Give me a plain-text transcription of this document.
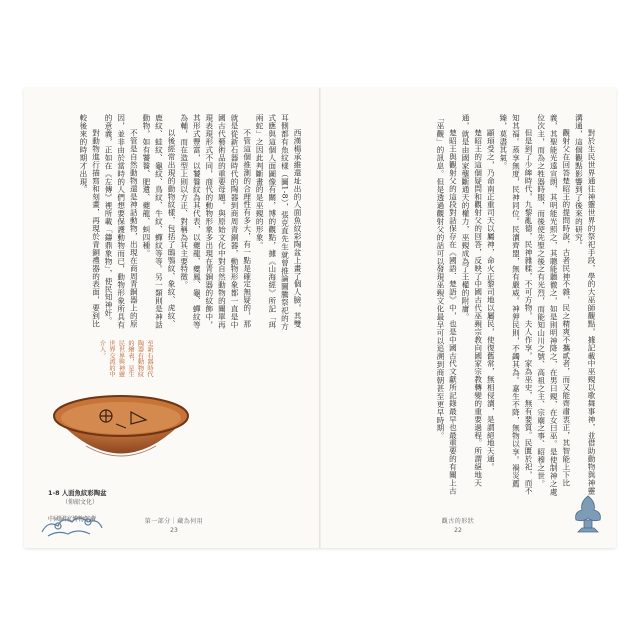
西漢楊承維還址出的人面魚紋彩陶盆上畫了個人臉，其雙耳側都有魚紋樣（圖1-8），張克直先生就曾推論圖騰祭祀的方式應與這個人面圖像有關，博的觀點，據《山海經》所記「珥兩蛇」之因此判斷畫的是巫覡的形象。

不管這個推測的合理性有多大，有一點是確定無疑的，那就是從新石器時代的陶器到商周青銅器，動物形象都一直是中國古代藝術品的重要母題。與原始文化中對自然動物的關單再現表現形式不同，商代的動物形象多出現在青銅器的紋飾中，其形式豐富，以饕餮紋為其代表，以夔龍、夔鳳、龜、蟬紋等為輔，而在造型上則以方正、對稱為其主要特徵。

以後經常出現的動物紋樣，包括了鴟鴞紋、象紋、虎紋、鹿紋、蛙紋、龜紋、鳥紋、牛紋、蟬紋等等。另一類則是神話動物，如有饕餮、肥遺、夔龍、虯四種。

不管是自然動物還是神話動物，出現在商周青銅器上的原因，並非由於當時的人們想要保護動物而已，動物形象所具有的意義，正如在《左傳》裡所載「鑄鼎象物」，使民知神奸。

對動物進行描寫和刻畫，再現於青銅禮器的表面，要到比較後來的時期才出現。

至新石器時代陶器有動物紋的繪表，是生民世界與神靈世界交流的中介人。
1-8 人面魚紋彩陶盆
（仰韶文化）
中國國家博物館藏	第一部分｜藏為何用
23

對於生民世界通往神靈世界的祭祀手段，學的大巫師觀點，據記載中巫覡以歌舞事神，並借助動物與神靈溝通，這個觀點影響到了後來的研究。

觀射父在回答楚昭王的提問時說，古者民神不雜，民之精爽不攜貳者，而又能齊肅衷正，其智能上下比義，其聖能光遠宣朗，其明能光照之，其聰能聽徹之，如是則明神降之，在男曰覡，在女曰巫。是使制神之處位次主，而為之牲器時服，而後使先聖之後之有光烈，而能知山川之號、高祖之主、宗廟之事、昭穆之世。

但是到了少皞時代，九黎亂德，民神雜糅，不可方物，夫人作享，家為巫史，無有要質。民匱於祀，而不知其福。蒸享無度，民神同位。民瀆齊盟，無有嚴威。神狎民則，不蠲其為。嘉生不降，無物以享。禍災薦臻，莫盡其氣。

顓頊受之，乃命南正重司天以屬神，命火正黎司地以屬民，使復舊常，無相侵瀆，是謂絕地天通。

楚昭王的這個疑問和觀射父的回答，反映了中國古代巫覡宗教向國家宗教轉變的重要過程。所謂絕地天通，就是由國家壟斷通天的權力，巫覡成為了王權的附庸。

楚昭王與觀射父的這段對話保存在《國語．楚語》中，也是中國古代文獻所記錄最早也最重要的有關上古「巫觀」的訊息。但是透過觀射父的話可以發現巫覡文化最早可以追溯到商朝甚至更早時期。

觀古的形狀
22
